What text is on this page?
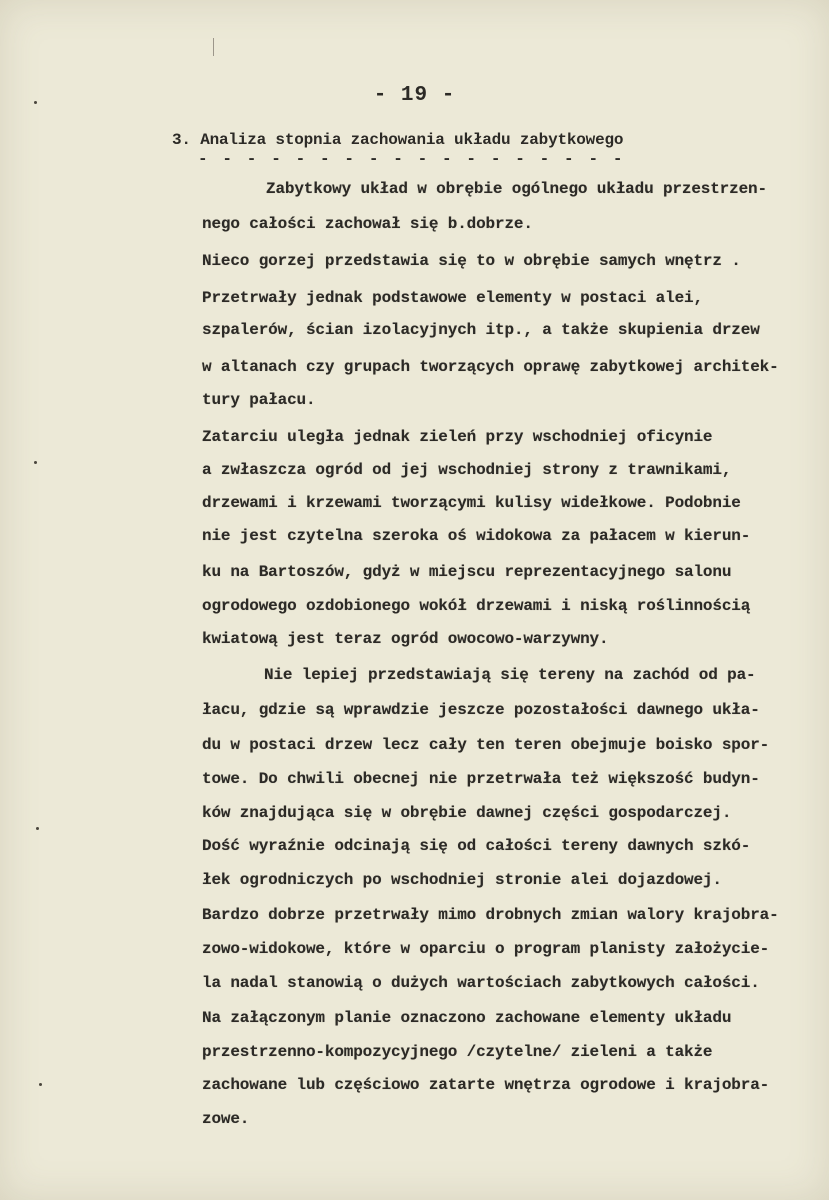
- 19 -
3. Analiza stopnia zachowania układu zabytkowego
- - - - - - - - - - - - - - - - - -
Zabytkowy układ w obrębie ogólnego układu przestrzen-
nego całości zachował się b.dobrze.
Nieco gorzej przedstawia się to w obrębie samych wnętrz .
Przetrwały jednak podstawowe elementy w postaci alei,
szpalerów, ścian izolacyjnych itp., a także skupienia drzew
w altanach czy grupach tworzących oprawę zabytkowej architek-
tury pałacu.
Zatarciu uległa jednak zieleń przy wschodniej oficynie
a zwłaszcza ogród od jej wschodniej strony z trawnikami,
drzewami i krzewami tworzącymi kulisy widełkowe. Podobnie
nie jest czytelna szeroka oś widokowa za pałacem w kierun-
ku na Bartoszów, gdyż w miejscu reprezentacyjnego salonu
ogrodowego ozdobionego wokół drzewami i niską roślinnością
kwiatową jest teraz ogród owocowo-warzywny.
Nie lepiej przedstawiają się tereny na zachód od pa-
łacu, gdzie są wprawdzie jeszcze pozostałości dawnego ukła-
du w postaci drzew lecz cały ten teren obejmuje boisko spor-
towe. Do chwili obecnej nie przetrwała też większość budyn-
ków znajdująca się w obrębie dawnej części gospodarczej.
Dość wyraźnie odcinają się od całości tereny dawnych szkó-
łek ogrodniczych po wschodniej stronie alei dojazdowej.
Bardzo dobrze przetrwały mimo drobnych zmian walory krajobra-
zowo-widokowe, które w oparciu o program planisty założycie-
la nadal stanowią o dużych wartościach zabytkowych całości.
Na załączonym planie oznaczono zachowane elementy układu
przestrzenno-kompozycyjnego /czytelne/ zieleni a także
zachowane lub częściowo zatarte wnętrza ogrodowe i krajobra-
zowe.
